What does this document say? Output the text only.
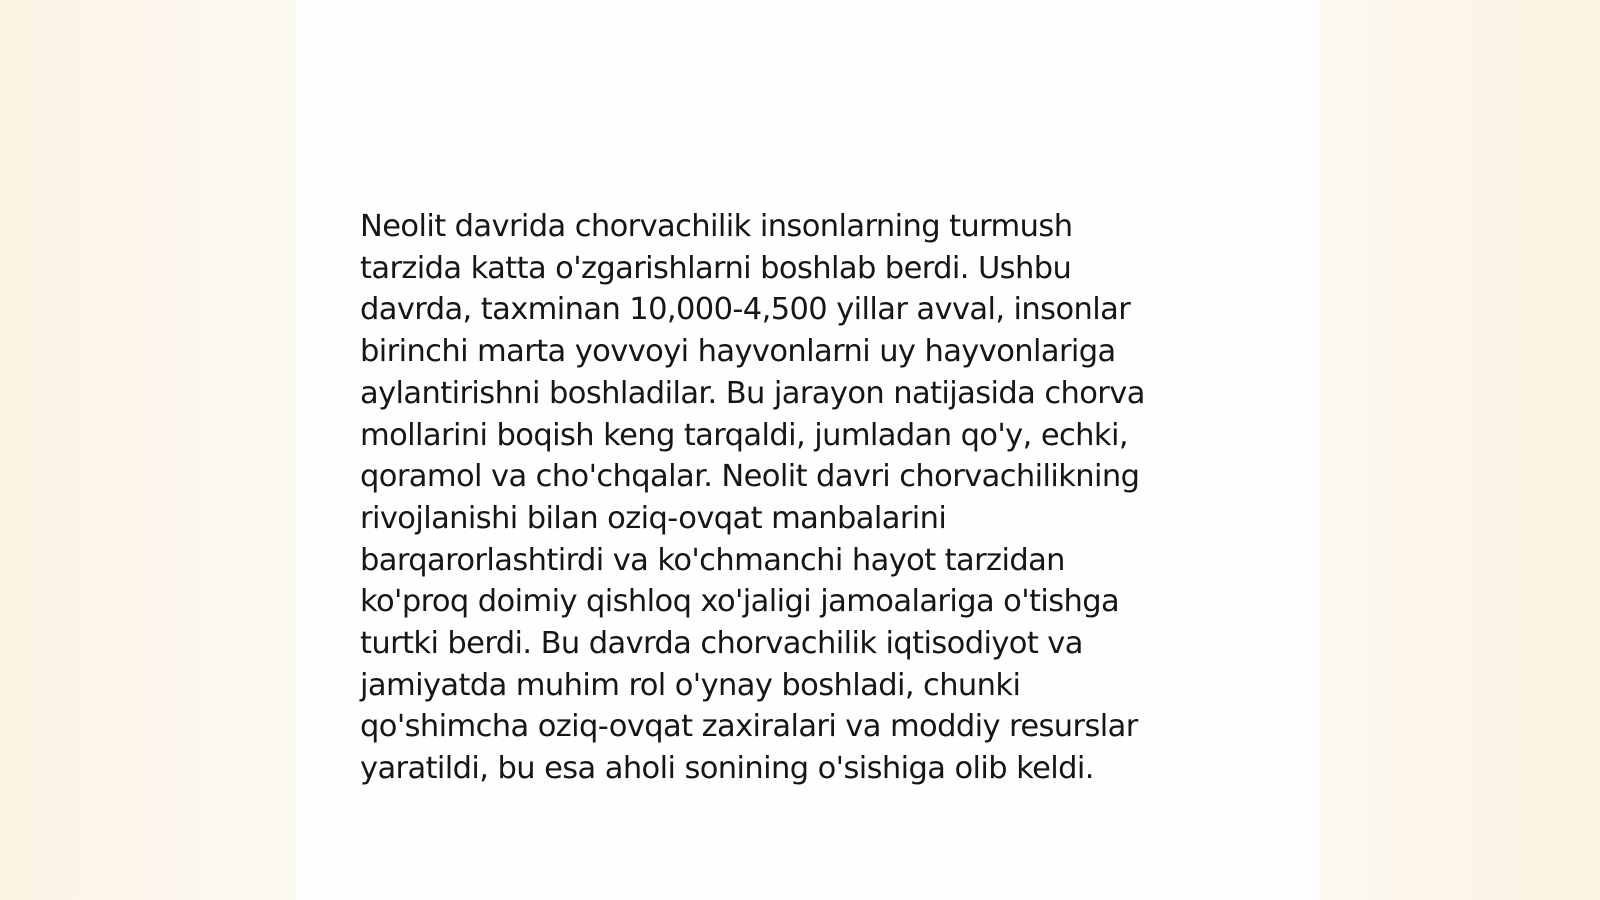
Neolit davrida chorvachilik insonlarning turmush
tarzida katta o'zgarishlarni boshlab berdi. Ushbu
davrda, taxminan 10,000-4,500 yillar avval, insonlar
birinchi marta yovvoyi hayvonlarni uy hayvonlariga
aylantirishni boshladilar. Bu jarayon natijasida chorva
mollarini boqish keng tarqaldi, jumladan qo'y, echki,
qoramol va cho'chqalar. Neolit davri chorvachilikning
rivojlanishi bilan oziq-ovqat manbalarini
barqarorlashtirdi va ko'chmanchi hayot tarzidan
ko'proq doimiy qishloq xo'jaligi jamoalariga o'tishga
turtki berdi. Bu davrda chorvachilik iqtisodiyot va
jamiyatda muhim rol o'ynay boshladi, chunki
qo'shimcha oziq-ovqat zaxiralari va moddiy resurslar
yaratildi, bu esa aholi sonining o'sishiga olib keldi.
